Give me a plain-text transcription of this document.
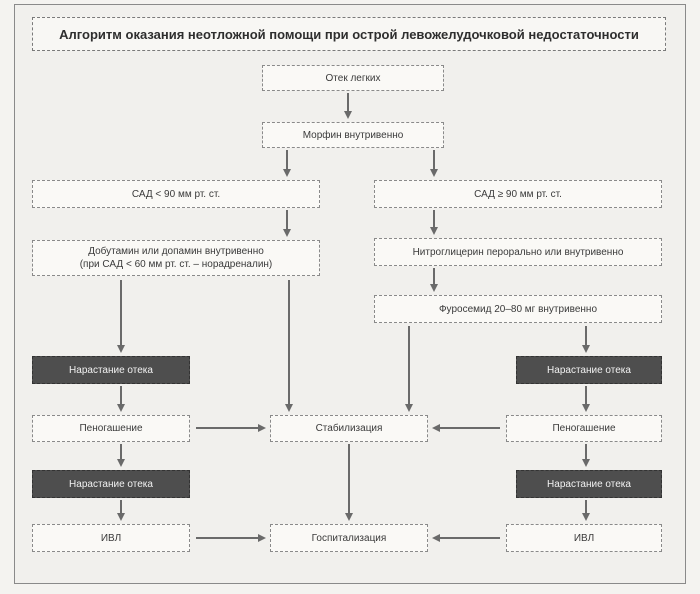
Алгоритм оказания неотложной помощи при острой левожелудочковой недостаточности
Отек легких
Морфин внутривенно
САД < 90 мм рт. ст.	САД ≥ 90 мм рт. ст.
Добутамин или допамин внутривенно
(при САД < 60 мм рт. ст. – норадреналин)
Нитроглицерин перорально или внутривенно
Фуросемид 20–80 мг внутривенно
Нарастание отека	Нарастание отека
Пеногашение	Стабилизация	Пеногашение
Нарастание отека	Нарастание отека
ИВЛ	Госпитализация	ИВЛ
